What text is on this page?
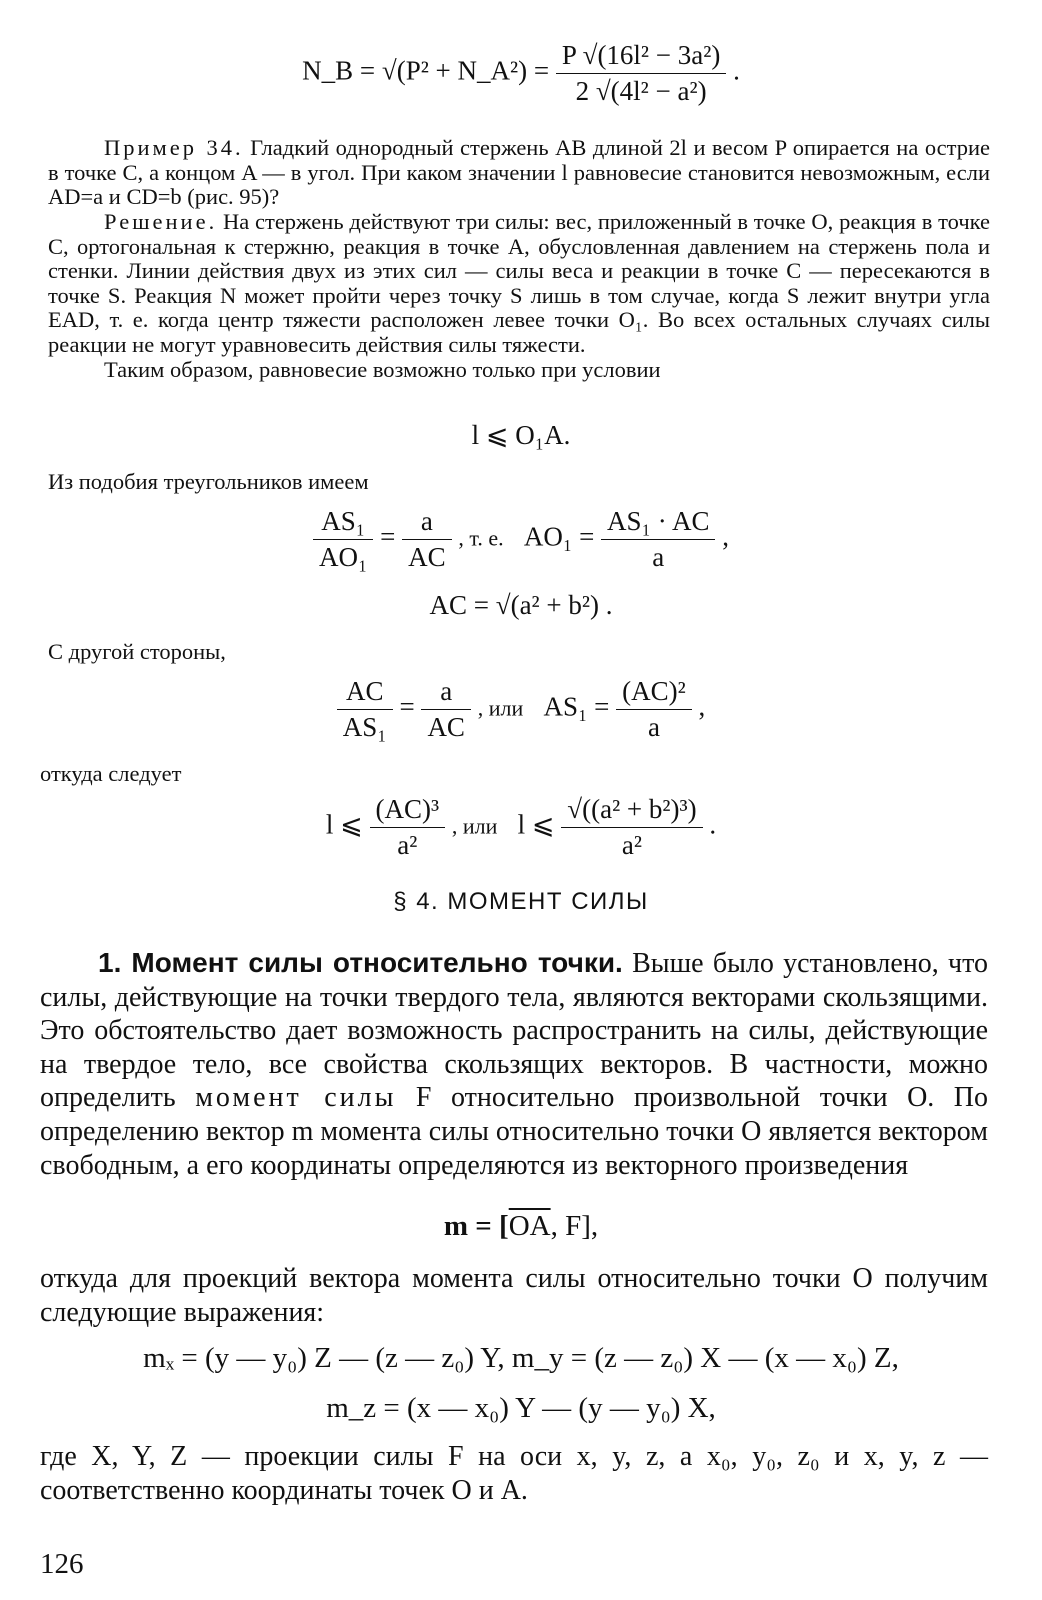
N_B = √(P² + N_A²) = $\frac{\text{P √(16l² − 3a²)}}{\text{2 √(4l² − a²)}}$ .

Пример 34. Гладкий однородный стержень AB длиной 2l и весом P опирается на острие в точке C, а концом A — в угол. При каком значении l равновесие становится невозможным, если AD=a и CD=b (рис. 95)?

Решение. На стержень действуют три силы: вес, приложенный в точке O, реакция в точке C, ортогональная к стержню, реакция в точке A, обусловленная давлением на стержень пола и стенки. Линии действия двух из этих сил — силы веса и реакции в точке C — пересекаются в точке S. Реакция N может пройти через точку S лишь в том случае, когда S лежит внутри угла EAD, т. е. когда центр тяжести расположен левее точки O₁. Во всех остальных случаях силы реакции не могут уравновесить действия силы тяжести.

Таким образом, равновесие возможно только при условии

l ⩽ O₁A.
Из подобия треугольников имеем
$\frac{\text{AS₁}}{\text{AO₁}} = \frac{a}{AC}$ , т. е. $AO_1 = \frac{\text{AS₁ · AC}}{a}$ ,
AC = √(a² + b²) .
С другой стороны,
$\frac{AC}{\text{AS₁}} = \frac{a}{AC}$ , или $AS_1 = \frac{\text{(AC)²}}{a}$ ,
откуда следует
l ⩽ $\frac{\text{(AC)³}}{\text{a²}}$ , или l ⩽ $\frac{\text{√((a² + b²)³)}}{\text{a²}}$ .
§ 4. МОМЕНТ СИЛЫ

1. Момент силы относительно точки. Выше было установлено, что силы, действующие на точки твердого тела, являются векторами скользящими. Это обстоятельство дает возможность распространить на силы, действующие на твердое тело, все свойства скользящих векторов. В частности, можно определить момент силы F относительно произвольной точки O. По определению вектор m момента силы относительно точки O является вектором свободным, а его координаты определяются из векторного произведения

$m = [\overline{OA}$, F],
откуда для проекций вектора момента силы относительно точки O получим следующие выражения:
mₓ = (y — y₀) Z — (z — z₀) Y, m_y = (z — z₀) X — (x — x₀) Z,
m_z = (x — x₀) Y — (y — y₀) X,
где X, Y, Z — проекции силы F на оси x, y, z, а x₀, y₀, z₀ и x, y, z — соответственно координаты точек O и A.
126
